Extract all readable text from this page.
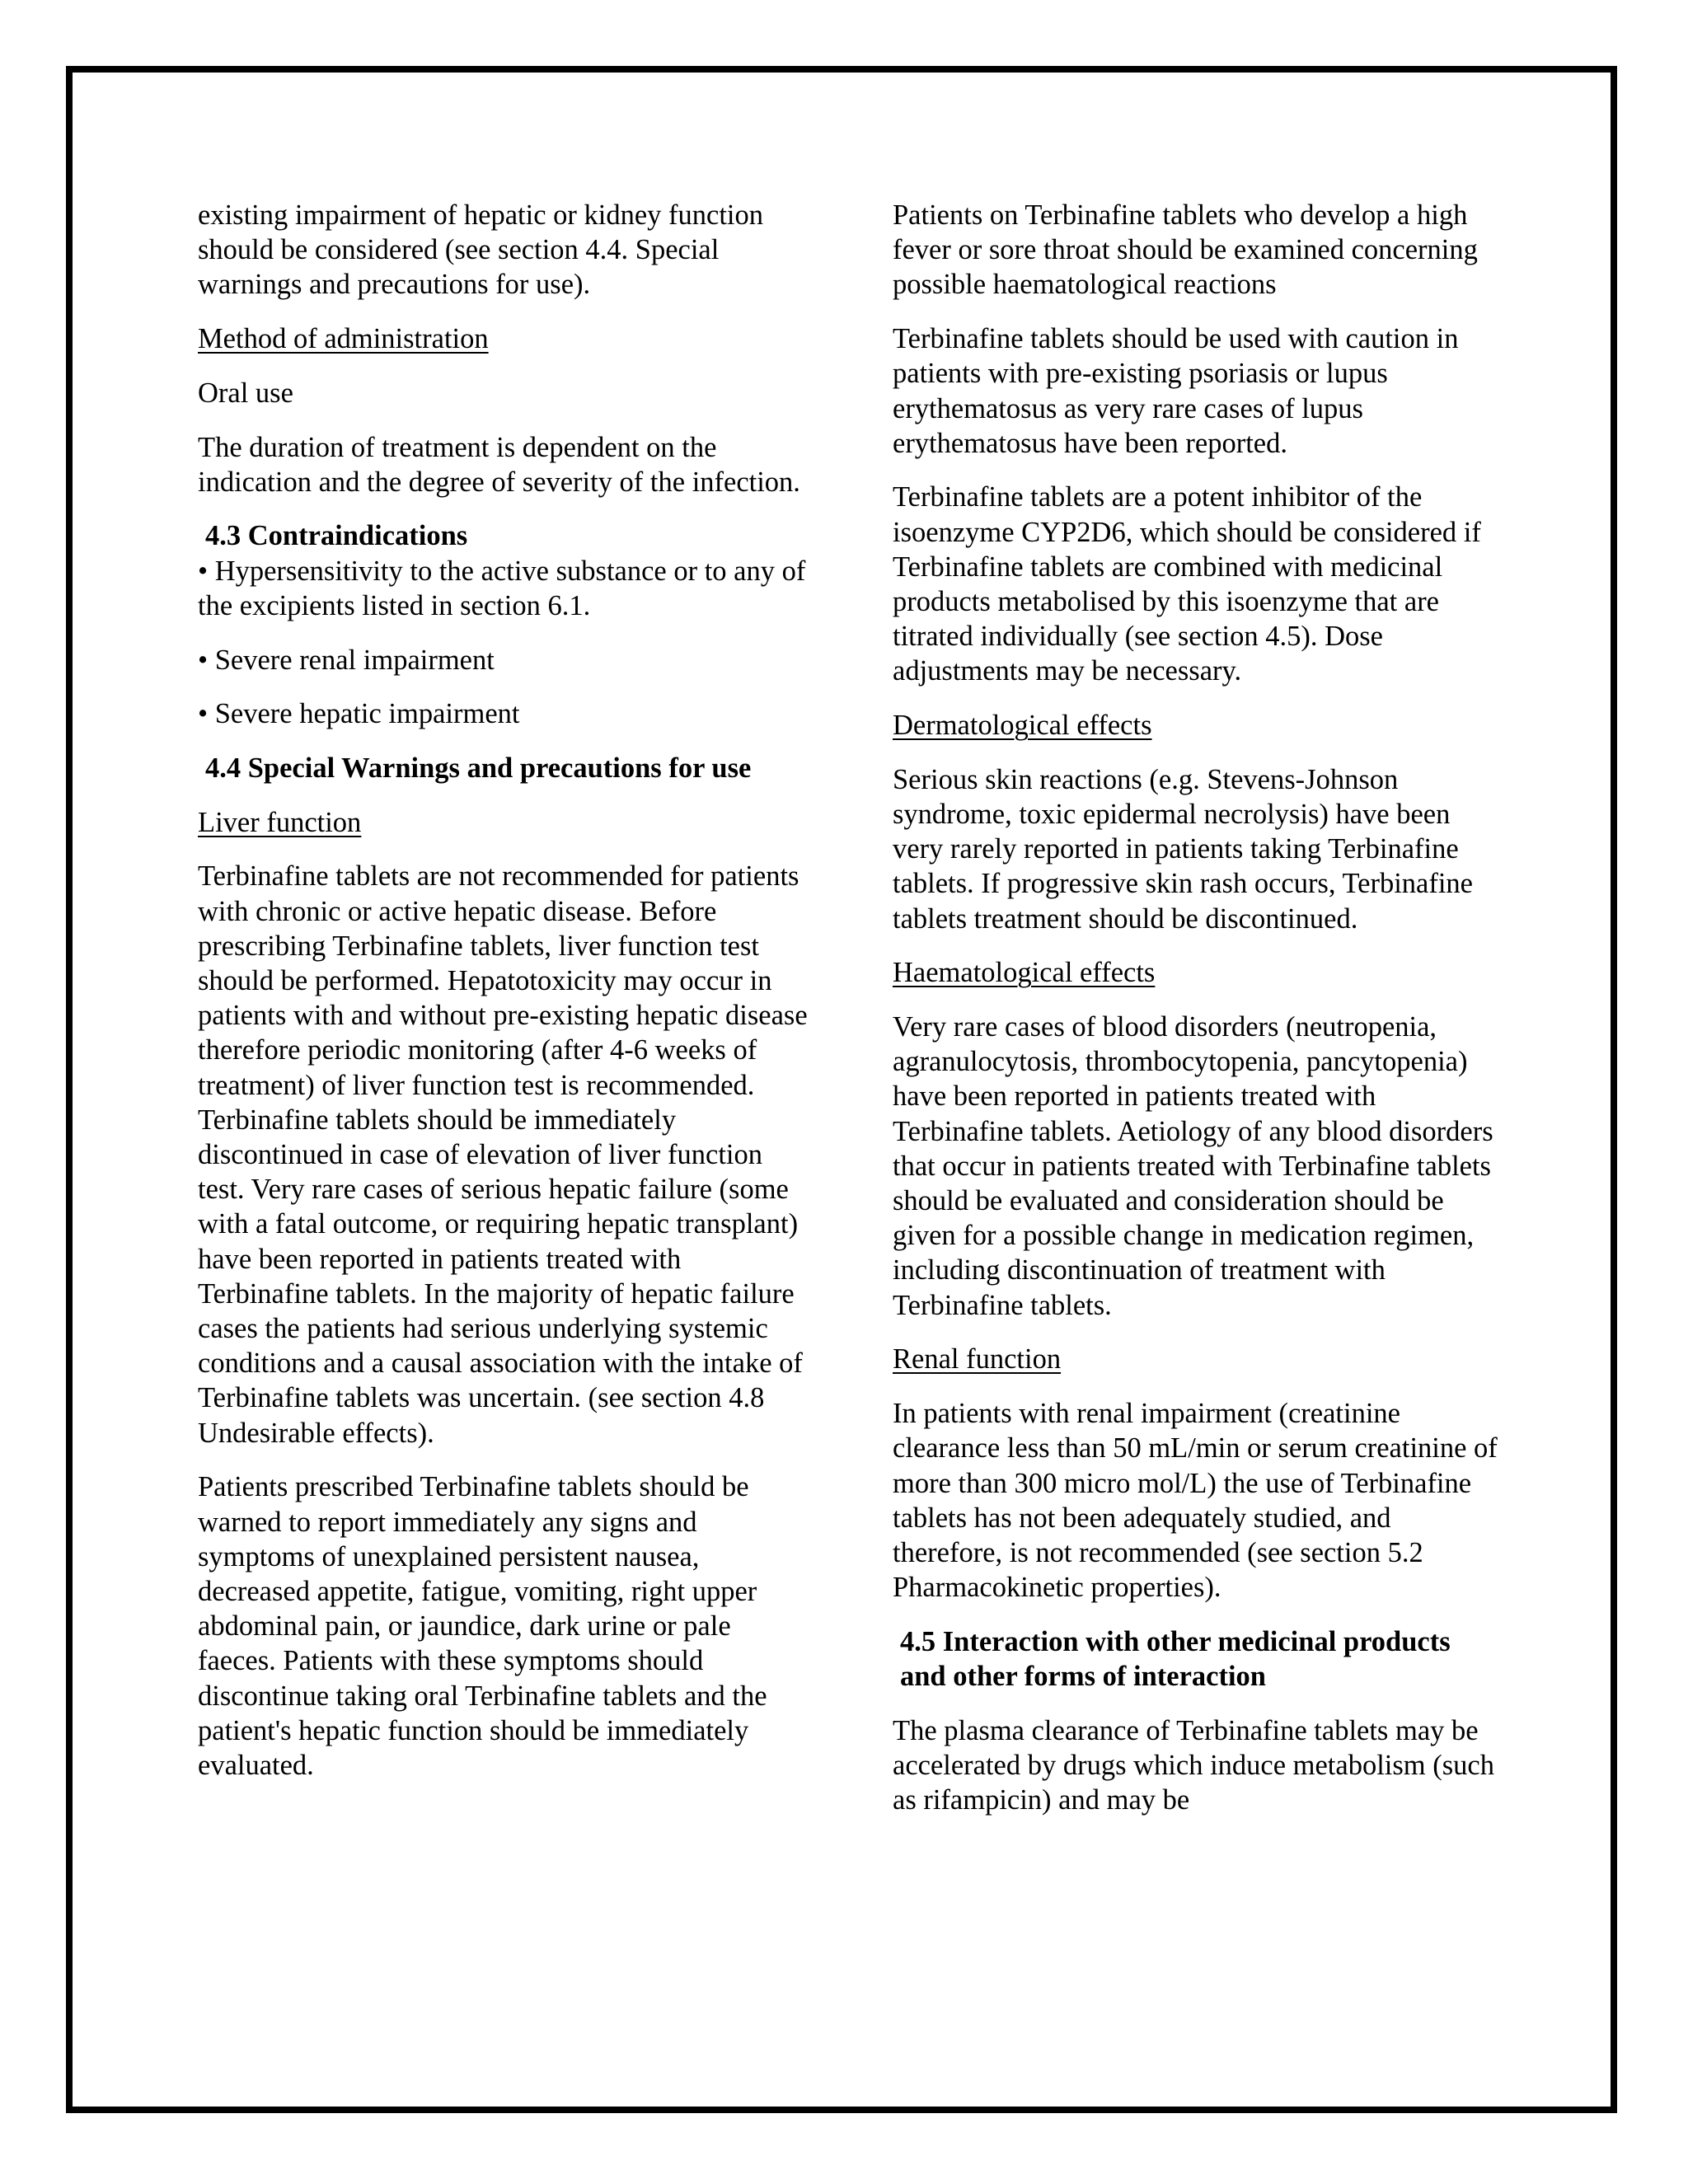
existing impairment of hepatic or kidney function should be considered (see section 4.4. Special warnings and precautions for use).

Method of administration

Oral use

The duration of treatment is dependent on the indication and the degree of severity of the infection.

4.3 Contraindications

• Hypersensitivity to the active substance or to any of the excipients listed in section 6.1.

• Severe renal impairment

• Severe hepatic impairment

4.4 Special Warnings and precautions for use

Liver function

Terbinafine tablets are not recommended for patients with chronic or active hepatic disease. Before prescribing Terbinafine tablets, liver function test should be performed. Hepatotoxicity may occur in patients with and without pre-existing hepatic disease therefore periodic monitoring (after 4-6 weeks of treatment) of liver function test is recommended. Terbinafine tablets should be immediately discontinued in case of elevation of liver function test. Very rare cases of serious hepatic failure (some with a fatal outcome, or requiring hepatic transplant) have been reported in patients treated with Terbinafine tablets. In the majority of hepatic failure cases the patients had serious underlying systemic conditions and a causal association with the intake of Terbinafine tablets was uncertain. (see section 4.8 Undesirable effects).

Patients prescribed Terbinafine tablets should be warned to report immediately any signs and symptoms of unexplained persistent nausea, decreased appetite, fatigue, vomiting, right upper abdominal pain, or jaundice, dark urine or pale faeces. Patients with these symptoms should discontinue taking oral Terbinafine tablets and the patient's hepatic function should be immediately evaluated.

Patients on Terbinafine tablets who develop a high fever or sore throat should be examined concerning possible haematological reactions

Terbinafine tablets should be used with caution in patients with pre-existing psoriasis or lupus erythematosus as very rare cases of lupus erythematosus have been reported.

Terbinafine tablets are a potent inhibitor of the isoenzyme CYP2D6, which should be considered if Terbinafine tablets are combined with medicinal products metabolised by this isoenzyme that are titrated individually (see section 4.5). Dose adjustments may be necessary.

Dermatological effects

Serious skin reactions (e.g. Stevens-Johnson syndrome, toxic epidermal necrolysis) have been very rarely reported in patients taking Terbinafine tablets. If progressive skin rash occurs, Terbinafine tablets treatment should be discontinued.

Haematological effects

Very rare cases of blood disorders (neutropenia, agranulocytosis, thrombocytopenia, pancytopenia) have been reported in patients treated with Terbinafine tablets. Aetiology of any blood disorders that occur in patients treated with Terbinafine tablets should be evaluated and consideration should be given for a possible change in medication regimen, including discontinuation of treatment with Terbinafine tablets.

Renal function

In patients with renal impairment (creatinine clearance less than 50 mL/min or serum creatinine of more than 300 micro mol/L) the use of Terbinafine tablets has not been adequately studied, and therefore, is not recommended (see section 5.2 Pharmacokinetic properties).

4.5 Interaction with other medicinal products and other forms of interaction

The plasma clearance of Terbinafine tablets may be accelerated by drugs which induce metabolism (such as rifampicin) and may be
